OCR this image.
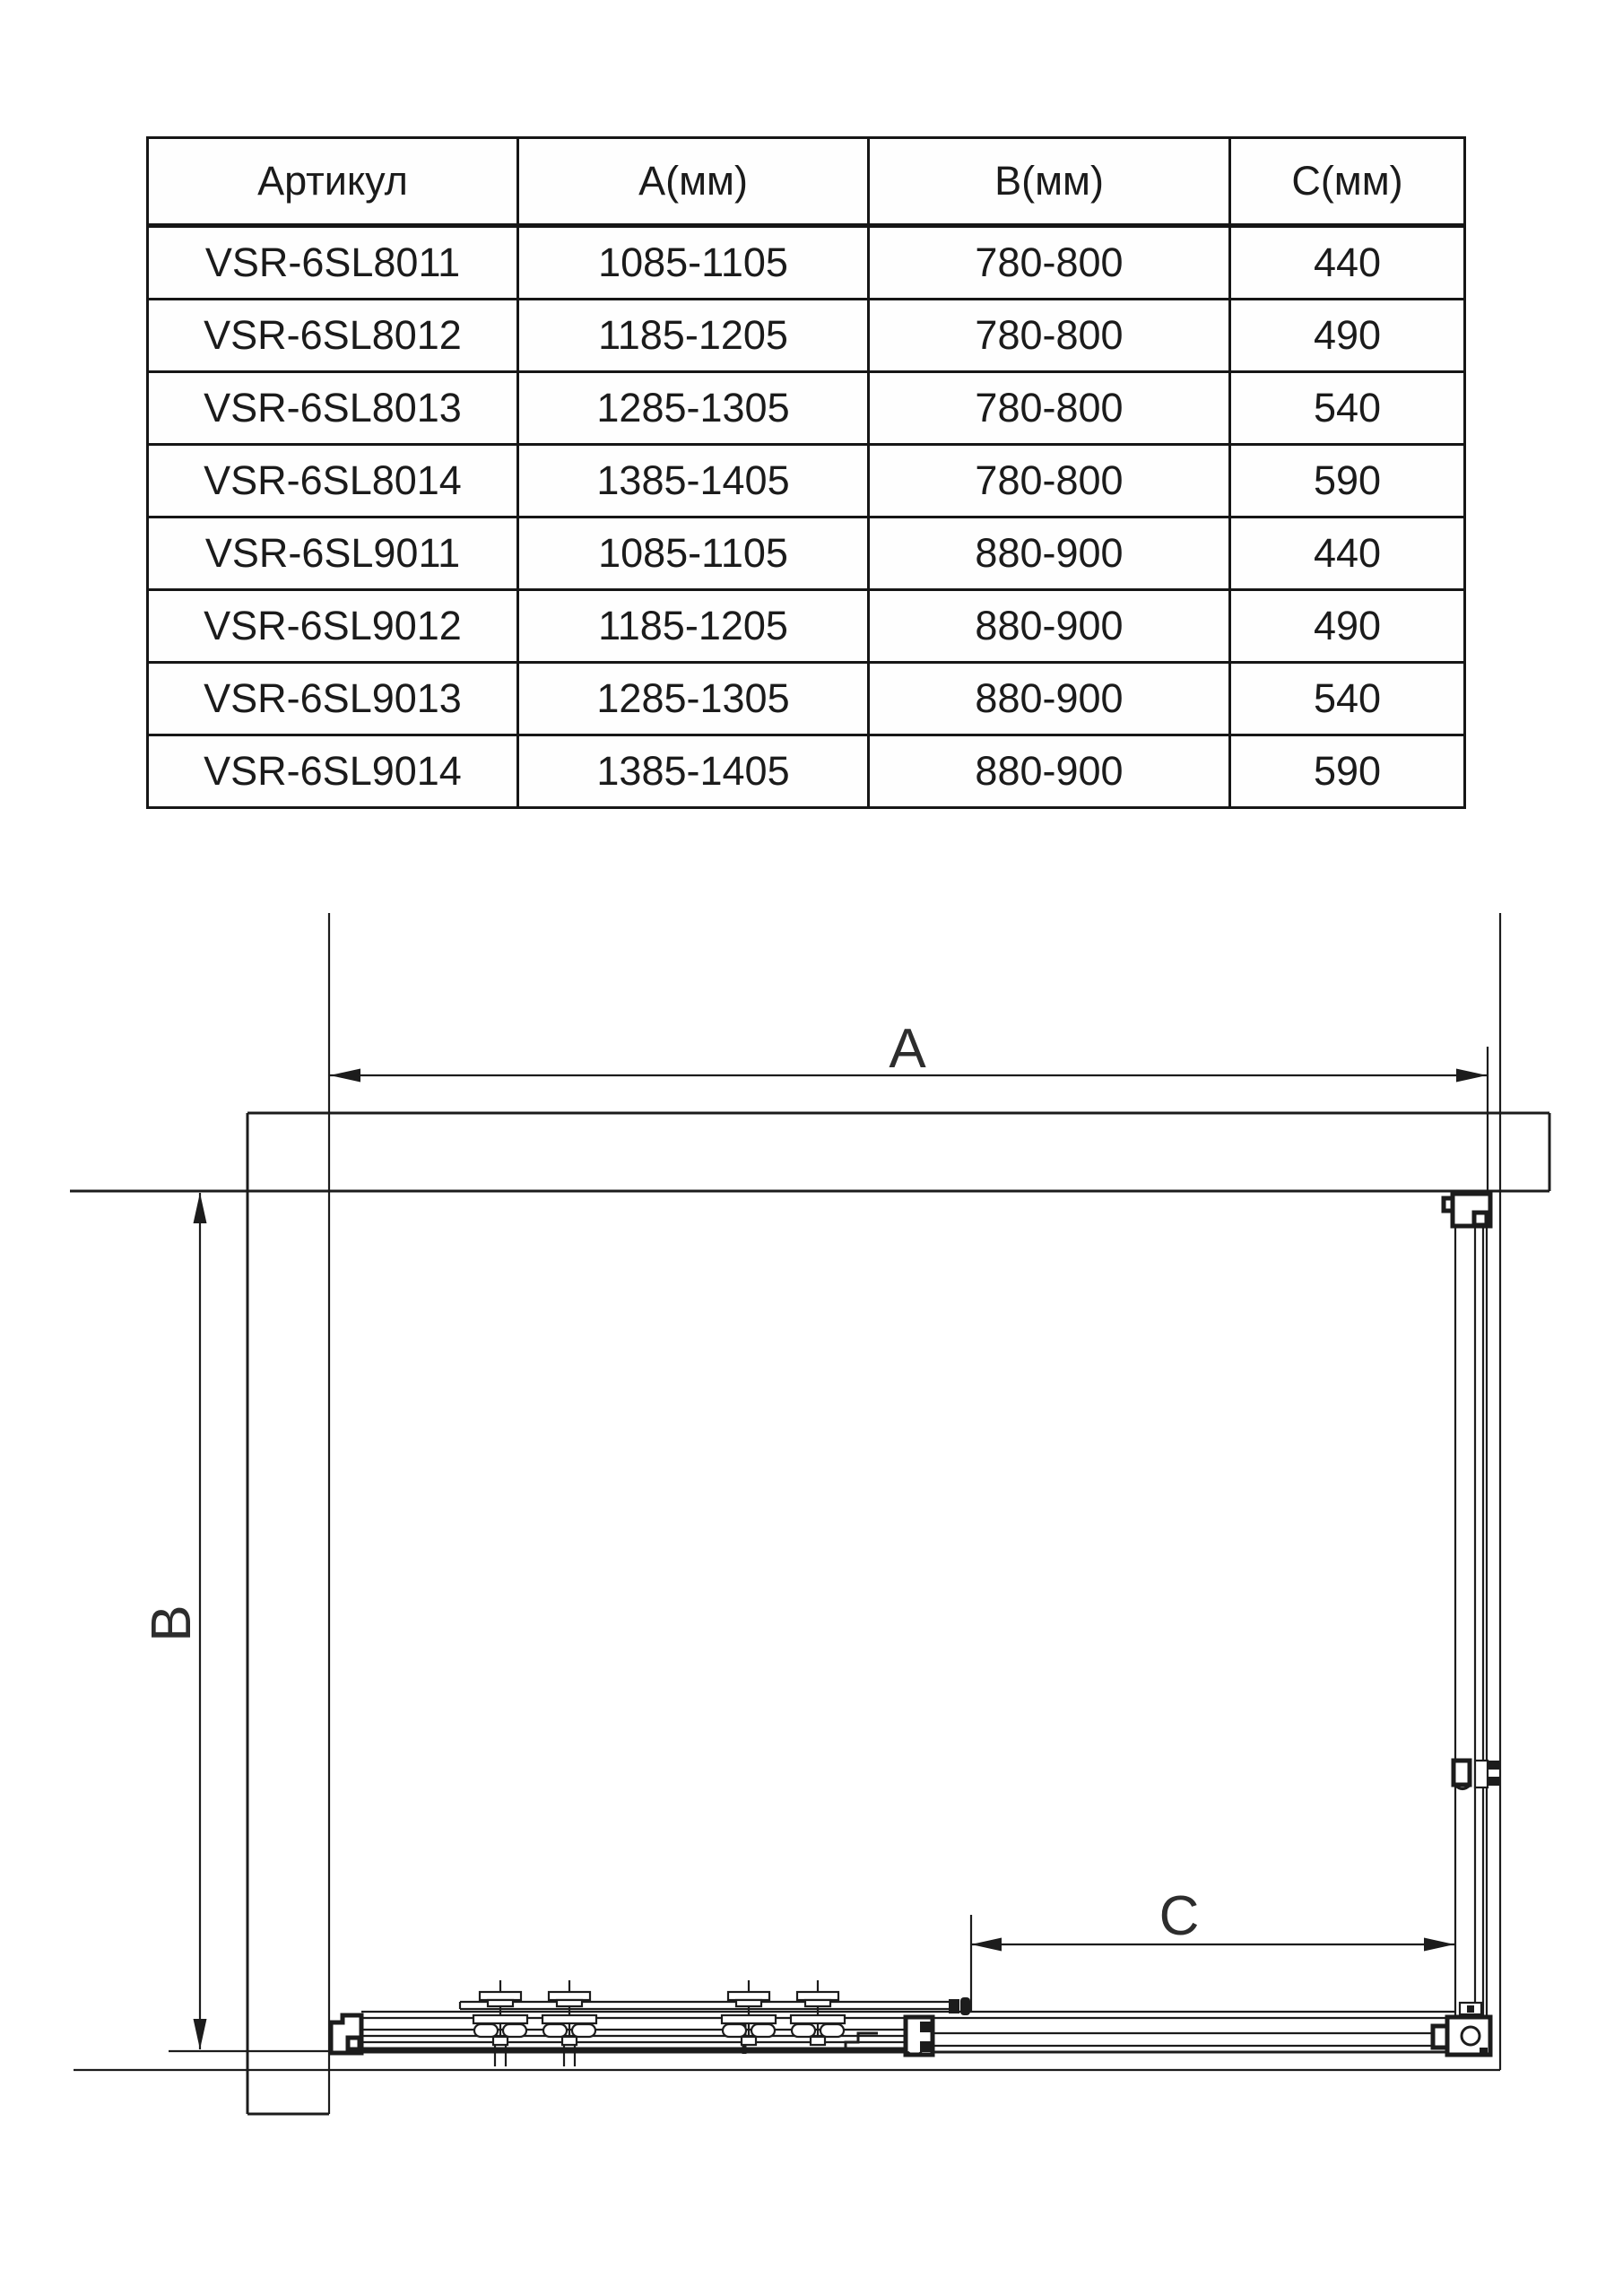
Артикул	А(мм)	В(мм)	С(мм)
VSR-6SL8011	1085-1105	780-800	440
VSR-6SL8012	1185-1205	780-800	490
VSR-6SL8013	1285-1305	780-800	540
VSR-6SL8014	1385-1405	780-800	590
VSR-6SL9011	1085-1105	880-900	440
VSR-6SL9012	1185-1205	880-900	490
VSR-6SL9013	1285-1305	880-900	540
VSR-6SL9014	1385-1405	880-900	590
A
B
C
